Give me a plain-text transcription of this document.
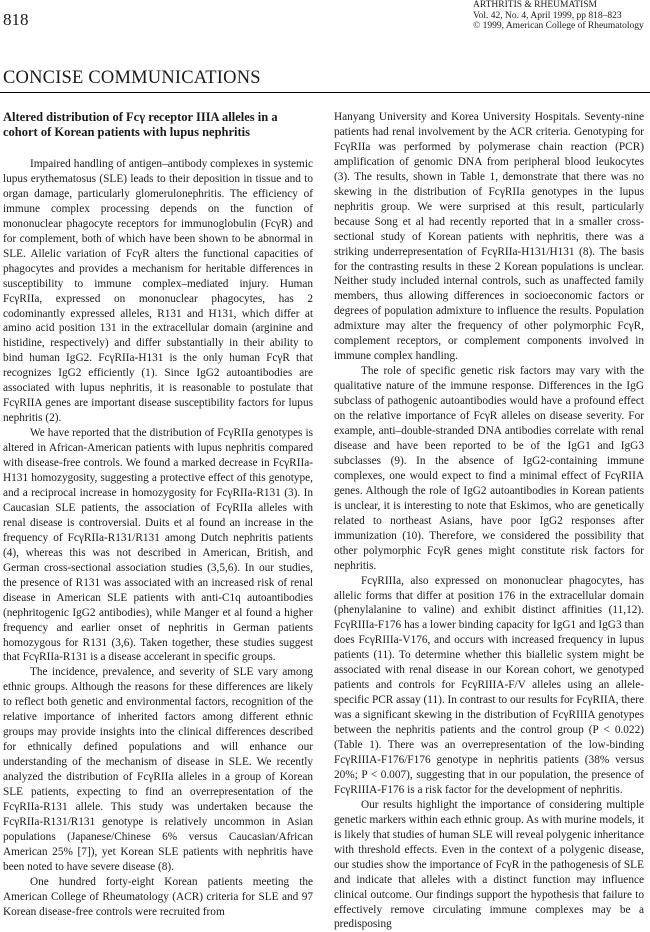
818
ARTHRITIS & RHEUMATISM
Vol. 42, No. 4, April 1999, pp 818–823
© 1999, American College of Rheumatology
CONCISE COMMUNICATIONS
Altered distribution of Fcγ receptor IIIA alleles in a cohort of Korean patients with lupus nephritis

Impaired handling of antigen–antibody complexes in systemic lupus erythematosus (SLE) leads to their deposition in tissue and to organ damage, particularly glomerulonephritis. The efficiency of immune complex processing depends on the function of mononuclear phagocyte receptors for immunoglobulin (FcγR) and for complement, both of which have been shown to be abnormal in SLE. Allelic variation of FcγR alters the functional capacities of phagocytes and provides a mechanism for heritable differences in susceptibility to immune complex–mediated injury. Human FcγRIIa, expressed on mononuclear phagocytes, has 2 codominantly expressed alleles, R131 and H131, which differ at amino acid position 131 in the extracellular domain (arginine and histidine, respectively) and differ substantially in their ability to bind human IgG2. FcγRIIa-H131 is the only human FcγR that recognizes IgG2 efficiently (1). Since IgG2 autoantibodies are associated with lupus nephritis, it is reasonable to postulate that FcγRIIA genes are important disease susceptibility factors for lupus nephritis (2).

We have reported that the distribution of FcγRIIa genotypes is altered in African-American patients with lupus nephritis compared with disease-free controls. We found a marked decrease in FcγRIIa-H131 homozygosity, suggesting a protective effect of this genotype, and a reciprocal increase in homozygosity for FcγRIIa-R131 (3). In Caucasian SLE patients, the association of FcγRIIa alleles with renal disease is controversial. Duits et al found an increase in the frequency of FcγRIIa-R131/R131 among Dutch nephritis patients (4), whereas this was not described in American, British, and German cross-sectional association studies (3,5,6). In our studies, the presence of R131 was associated with an increased risk of renal disease in American SLE patients with anti-C1q autoantibodies (nephritogenic IgG2 antibodies), while Manger et al found a higher frequency and earlier onset of nephritis in German patients homozygous for R131 (3,6). Taken together, these studies suggest that FcγRIIa-R131 is a disease accelerant in specific groups.

The incidence, prevalence, and severity of SLE vary among ethnic groups. Although the reasons for these differences are likely to reflect both genetic and environmental factors, recognition of the relative importance of inherited factors among different ethnic groups may provide insights into the clinical differences described for ethnically defined populations and will enhance our understanding of the mechanism of disease in SLE. We recently analyzed the distribution of FcγRIIa alleles in a group of Korean SLE patients, expecting to find an overrepresentation of the FcγRIIa-R131 allele. This study was undertaken because the FcγRIIa-R131/R131 genotype is relatively uncommon in Asian populations (Japanese/Chinese 6% versus Caucasian/African American 25% [7]), yet Korean SLE patients with nephritis have been noted to have severe disease (8).

One hundred forty-eight Korean patients meeting the American College of Rheumatology (ACR) criteria for SLE and 97 Korean disease-free controls were recruited from

Hanyang University and Korea University Hospitals. Seventy-nine patients had renal involvement by the ACR criteria. Genotyping for FcγRIIa was performed by polymerase chain reaction (PCR) amplification of genomic DNA from peripheral blood leukocytes (3). The results, shown in Table 1, demonstrate that there was no skewing in the distribution of FcγRIIa genotypes in the lupus nephritis group. We were surprised at this result, particularly because Song et al had recently reported that in a smaller cross-sectional study of Korean patients with nephritis, there was a striking underrepresentation of FcγRIIa-H131/H131 (8). The basis for the contrasting results in these 2 Korean populations is unclear. Neither study included internal controls, such as unaffected family members, thus allowing differences in socioeconomic factors or degrees of population admixture to influence the results. Population admixture may alter the frequency of other polymorphic FcγR, complement receptors, or complement components involved in immune complex handling.

The role of specific genetic risk factors may vary with the qualitative nature of the immune response. Differences in the IgG subclass of pathogenic autoantibodies would have a profound effect on the relative importance of FcγR alleles on disease severity. For example, anti–double-stranded DNA antibodies correlate with renal disease and have been reported to be of the IgG1 and IgG3 subclasses (9). In the absence of IgG2-containing immune complexes, one would expect to find a minimal effect of FcγRIIA genes. Although the role of IgG2 autoantibodies in Korean patients is unclear, it is interesting to note that Eskimos, who are genetically related to northeast Asians, have poor IgG2 responses after immunization (10). Therefore, we considered the possibility that other polymorphic FcγR genes might constitute risk factors for nephritis.

FcγRIIIa, also expressed on mononuclear phagocytes, has allelic forms that differ at position 176 in the extracellular domain (phenylalanine to valine) and exhibit distinct affinities (11,12). FcγRIIIa-F176 has a lower binding capacity for IgG1 and IgG3 than does FcγRIIIa-V176, and occurs with increased frequency in lupus patients (11). To determine whether this biallelic system might be associated with renal disease in our Korean cohort, we genotyped patients and controls for FcγRIIIA-F/V alleles using an allele-specific PCR assay (11). In contrast to our results for FcγRIIA, there was a significant skewing in the distribution of FcγRIIIA genotypes between the nephritis patients and the control group (P < 0.022) (Table 1). There was an overrepresentation of the low-binding FcγRIIIA-F176/F176 genotype in nephritis patients (38% versus 20%; P < 0.007), suggesting that in our population, the presence of FcγRIIIA-F176 is a risk factor for the development of nephritis.

Our results highlight the importance of considering multiple genetic markers within each ethnic group. As with murine models, it is likely that studies of human SLE will reveal polygenic inheritance with threshold effects. Even in the context of a polygenic disease, our studies show the importance of FcγR in the pathogenesis of SLE and indicate that alleles with a distinct function may influence clinical outcome. Our findings support the hypothesis that failure to effectively remove circulating immune complexes may be a predisposing
